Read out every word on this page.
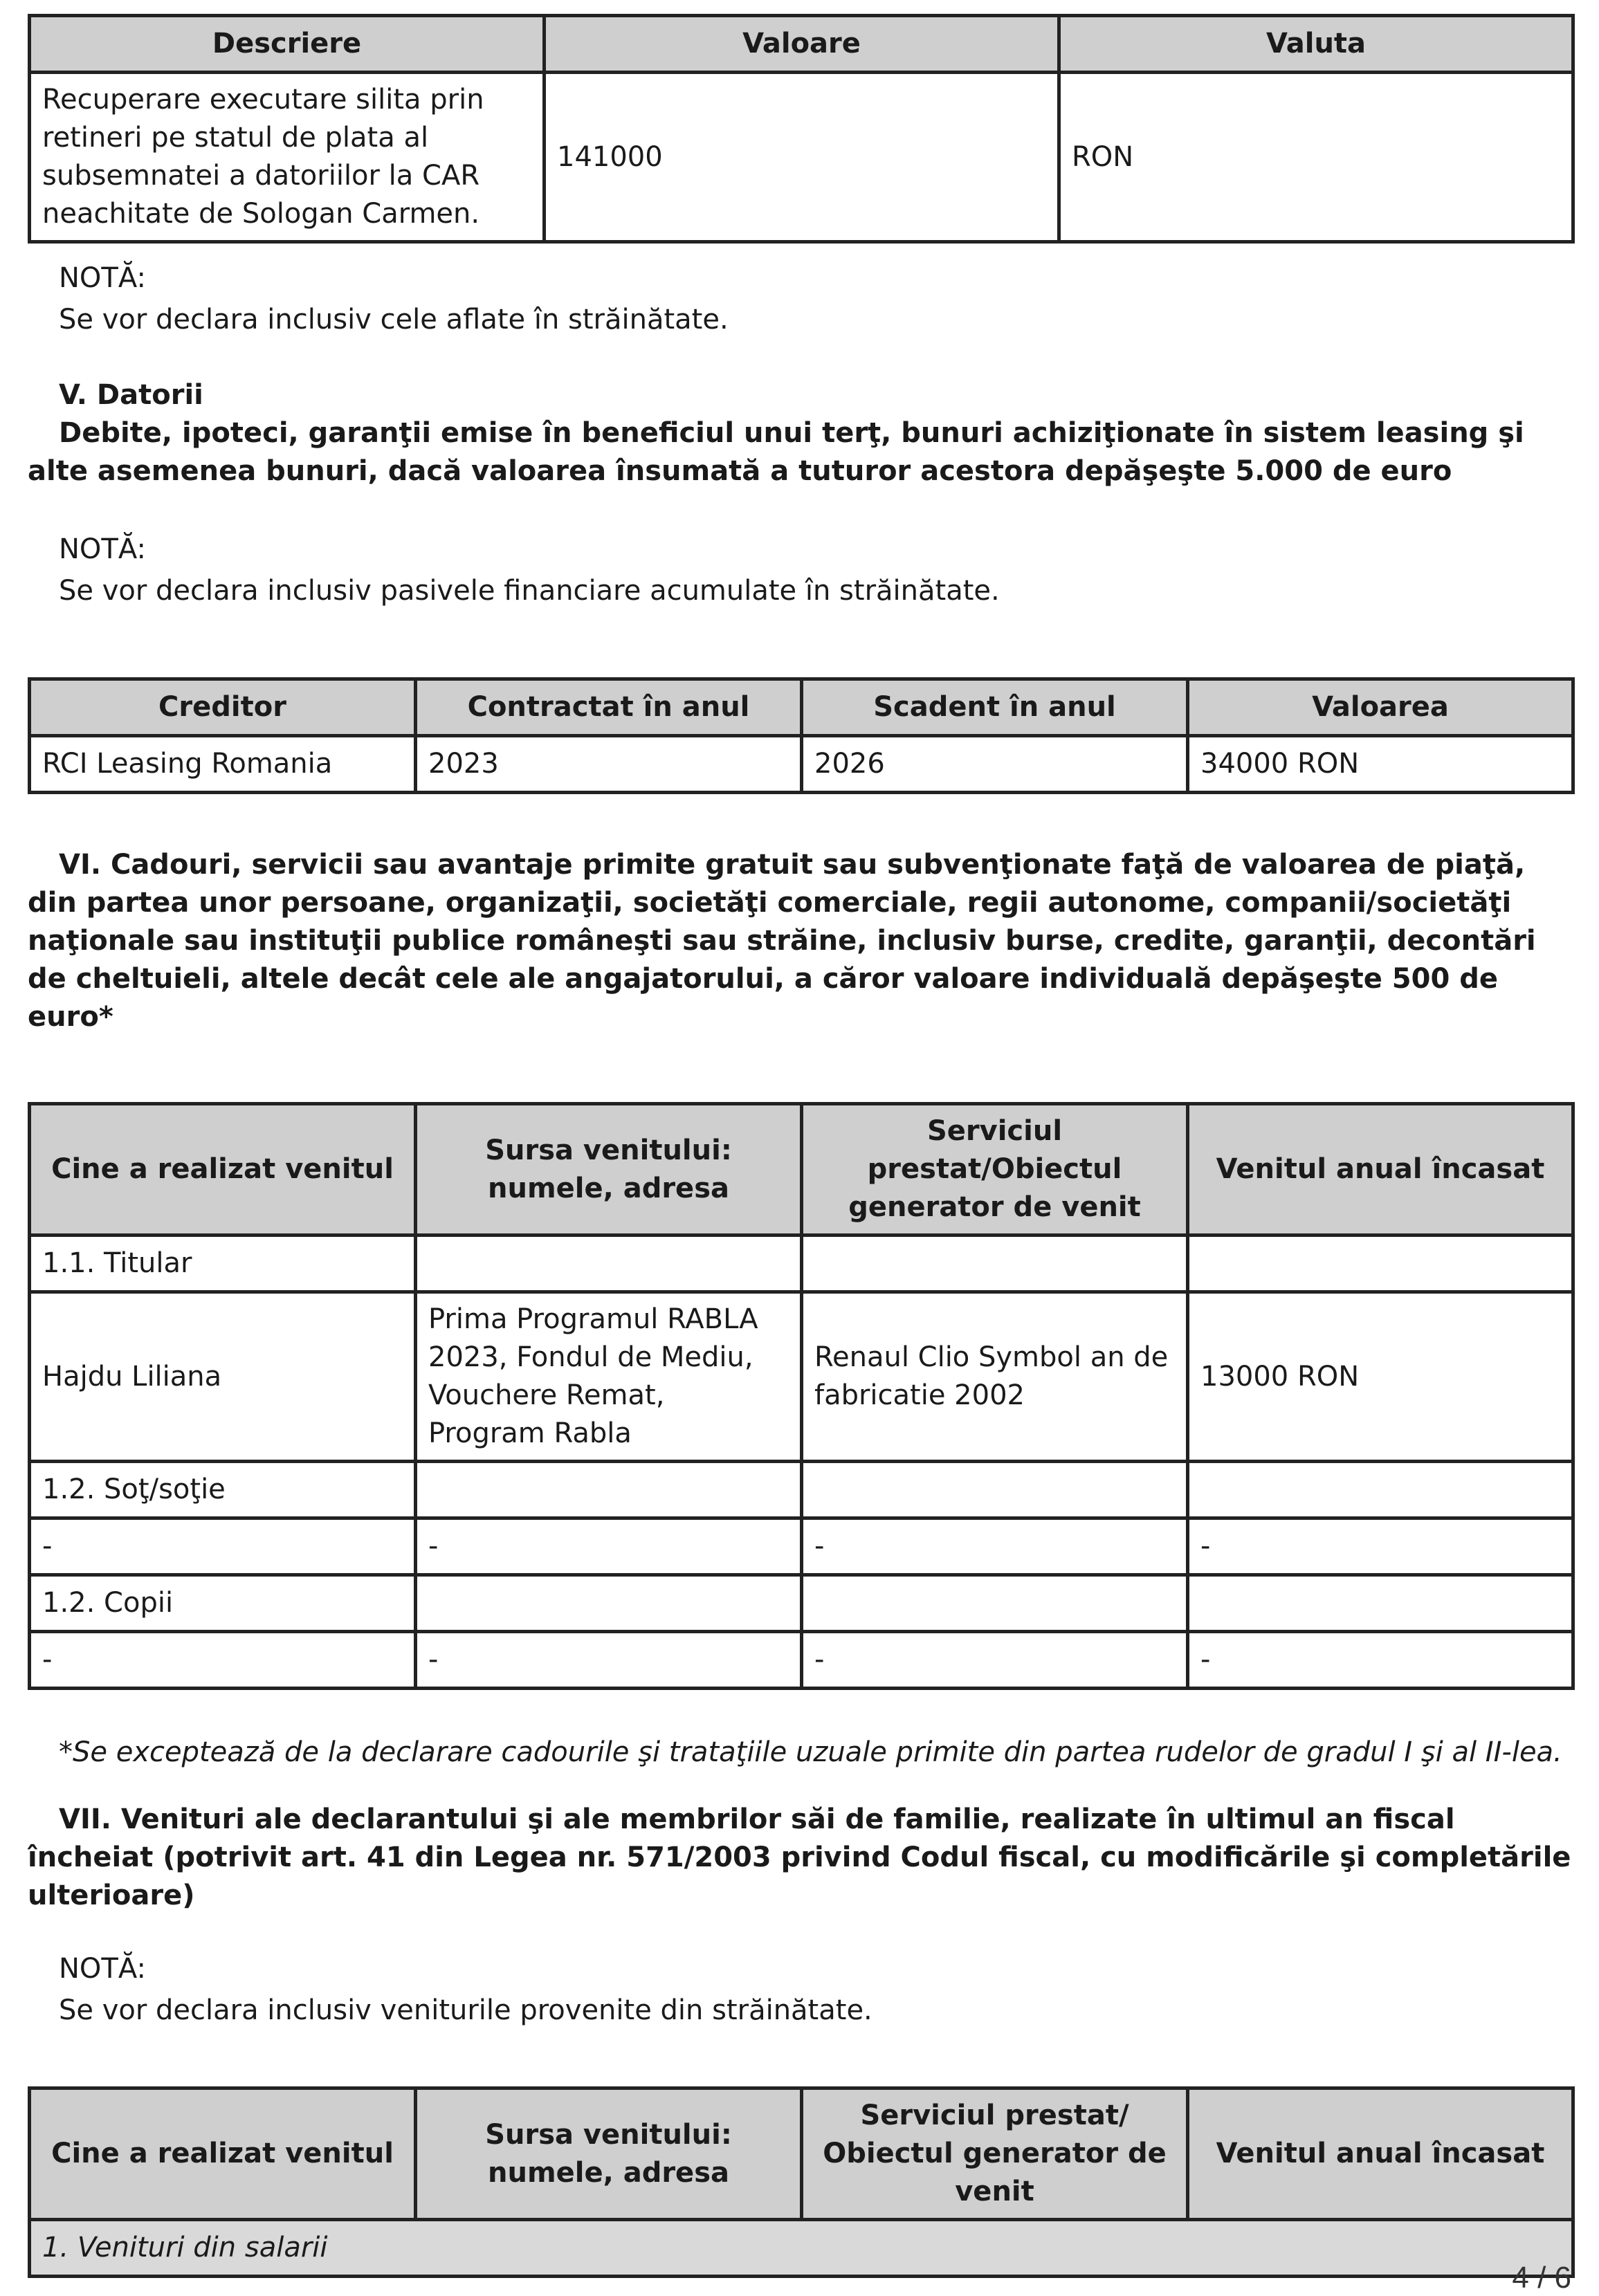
Descriere	Valoare	Valuta
Recuperare executare silita prin retineri pe statul de plata al subsemnatei a datoriilor la CAR neachitate de Sologan Carmen.	141000	RON
NOTĂ:
Se vor declara inclusiv cele aflate în străinătate.
V. Datorii
Debite, ipoteci, garanţii emise în beneficiul unui terţ, bunuri achiziţionate în sistem leasing şi alte asemenea bunuri, dacă valoarea însumată a tuturor acestora depăşeşte 5.000 de euro
NOTĂ:
Se vor declara inclusiv pasivele financiare acumulate în străinătate.
Creditor	Contractat în anul	Scadent în anul	Valoarea
RCI Leasing Romania	2023	2026	34000 RON
VI. Cadouri, servicii sau avantaje primite gratuit sau subvenţionate faţă de valoarea de piaţă, din partea unor persoane, organizaţii, societăţi comerciale, regii autonome, companii/societăţi naţionale sau instituţii publice româneşti sau străine, inclusiv burse, credite, garanţii, decontări de cheltuieli, altele decât cele ale angajatorului, a căror valoare individuală depăşeşte 500 de euro*
Cine a realizat venitul	Sursa venitului: numele, adresa	Serviciul prestat/Obiectul generator de venit	Venitul anual încasat
1.1. Titular			
Hajdu Liliana	Prima Programul RABLA 2023, Fondul de Mediu, Vouchere Remat, Program Rabla	Renaul Clio Symbol an de fabricatie 2002	13000 RON
1.2. Soţ/soţie			
-	-	-	-
1.2. Copii			
-	-	-	-
*Se exceptează de la declarare cadourile şi trataţiile uzuale primite din partea rudelor de gradul I şi al II-lea.
VII. Venituri ale declarantului şi ale membrilor săi de familie, realizate în ultimul an fiscal încheiat (potrivit art. 41 din Legea nr. 571/2003 privind Codul fiscal, cu modificările şi completările ulterioare)
NOTĂ:
Se vor declara inclusiv veniturile provenite din străinătate.
Cine a realizat venitul	Sursa venitului: numele, adresa	Serviciul prestat/ Obiectul generator de venit	Venitul anual încasat
1. Venituri din salarii
4 / 6
